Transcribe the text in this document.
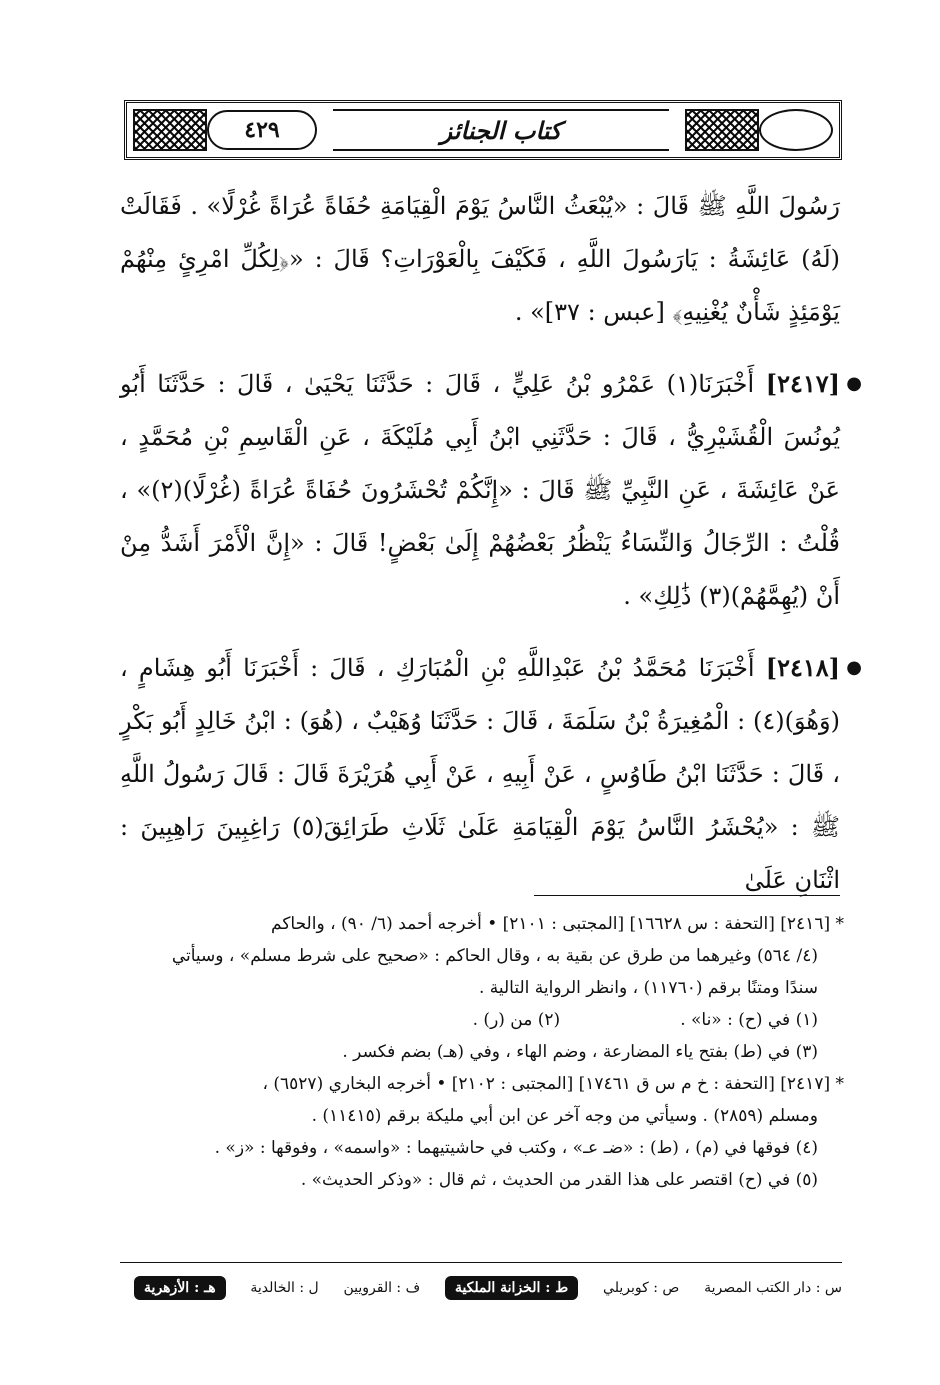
٤٢٩	كتاب الجنائز

رَسُولَ اللَّهِ ﷺ قَالَ : «يُبْعَثُ النَّاسُ يَوْمَ الْقِيَامَةِ حُفَاةً عُرَاةً غُرْلًا» . فَقَالَتْ (لَهُ) عَائِشَةُ : يَارَسُولَ اللَّهِ ، فَكَيْفَ بِالْعَوْرَاتِ؟ قَالَ : «﴿لِكُلِّ امْرِئٍ مِنْهُمْ يَوْمَئِذٍ شَأْنٌ يُغْنِيهِ﴾ [عبس : ٣٧]» .

●
[٢٤١٧] أَخْبَرَنَا(١) عَمْرُو بْنُ عَلِيٍّ ، قَالَ : حَدَّثَنَا يَحْيَىٰ ، قَالَ : حَدَّثَنَا أَبُو يُونُسَ الْقُشَيْرِيُّ ، قَالَ : حَدَّثَنِي ابْنُ أَبِي مُلَيْكَةَ ، عَنِ الْقَاسِمِ بْنِ مُحَمَّدٍ ، عَنْ عَائِشَةَ ، عَنِ النَّبِيِّ ﷺ قَالَ : «إِنَّكُمْ تُحْشَرُونَ حُفَاةً عُرَاةً (غُرْلًا)(٢)» ، قُلْتُ : الرِّجَالُ وَالنِّسَاءُ يَنْظُرُ بَعْضُهُمْ إِلَىٰ بَعْضٍ! قَالَ : «إِنَّ الْأَمْرَ أَشَدُّ مِنْ أَنْ (يُهِمَّهُمْ)(٣) ذَٰلِكِ» .

●
[٢٤١٨] أَخْبَرَنَا مُحَمَّدُ بْنُ عَبْدِاللَّهِ بْنِ الْمُبَارَكِ ، قَالَ : أَخْبَرَنَا أَبُو هِشَامٍ ، (وَهُوَ)(٤) : الْمُغِيرَةُ بْنُ سَلَمَةَ ، قَالَ : حَدَّثَنَا وُهَيْبٌ ، (هُوَ) : ابْنُ خَالِدٍ أَبُو بَكْرٍ ، قَالَ : حَدَّثَنَا ابْنُ طَاوُسٍ ، عَنْ أَبِيهِ ، عَنْ أَبِي هُرَيْرَةَ قَالَ : قَالَ رَسُولُ اللَّهِ ﷺ : «يُحْشَرُ النَّاسُ يَوْمَ الْقِيَامَةِ عَلَىٰ ثَلَاثِ طَرَائِقَ(٥) رَاغِبِينَ رَاهِبِينَ : اثْنَانِ عَلَىٰ

* [٢٤١٦] [التحفة : س ١٦٦٢٨] [المجتبى : ٢١٠١] • أخرجه أحمد (٦/ ٩٠) ، والحاكم
(٤/ ٥٦٤) وغيرهما من طرق عن بقية به ، وقال الحاكم : «صحيح على شرط مسلم» ، وسيأتي
سندًا ومتنًا برقم (١١٧٦٠) ، وانظر الرواية التالية .
(١) في (ح) : «نا» .
(٢) من (ر) .
(٣) في (ط) بفتح ياء المضارعة ، وضم الهاء ، وفي (هـ) بضم فكسر .
* [٢٤١٧] [التحفة : خ م س ق ١٧٤٦١] [المجتبى : ٢١٠٢] • أخرجه البخاري (٦٥٢٧) ،
ومسلم (٢٨٥٩) . وسيأتي من وجه آخر عن ابن أبي مليكة برقم (١١٤١٥) .
(٤) فوقها في (م) ، (ط) : «ضـ عـ» ، وكتب في حاشيتيهما : «واسمه» ، وفوقها : «ز» .
(٥) في (ح) اقتصر على هذا القدر من الحديث ، ثم قال : «وذكر الحديث» .
س : دار الكتب المصرية
ص : كوبريلي
ط : الخزانة الملكية
ف : القرويين
ل : الخالدية
هـ : الأزهرية
